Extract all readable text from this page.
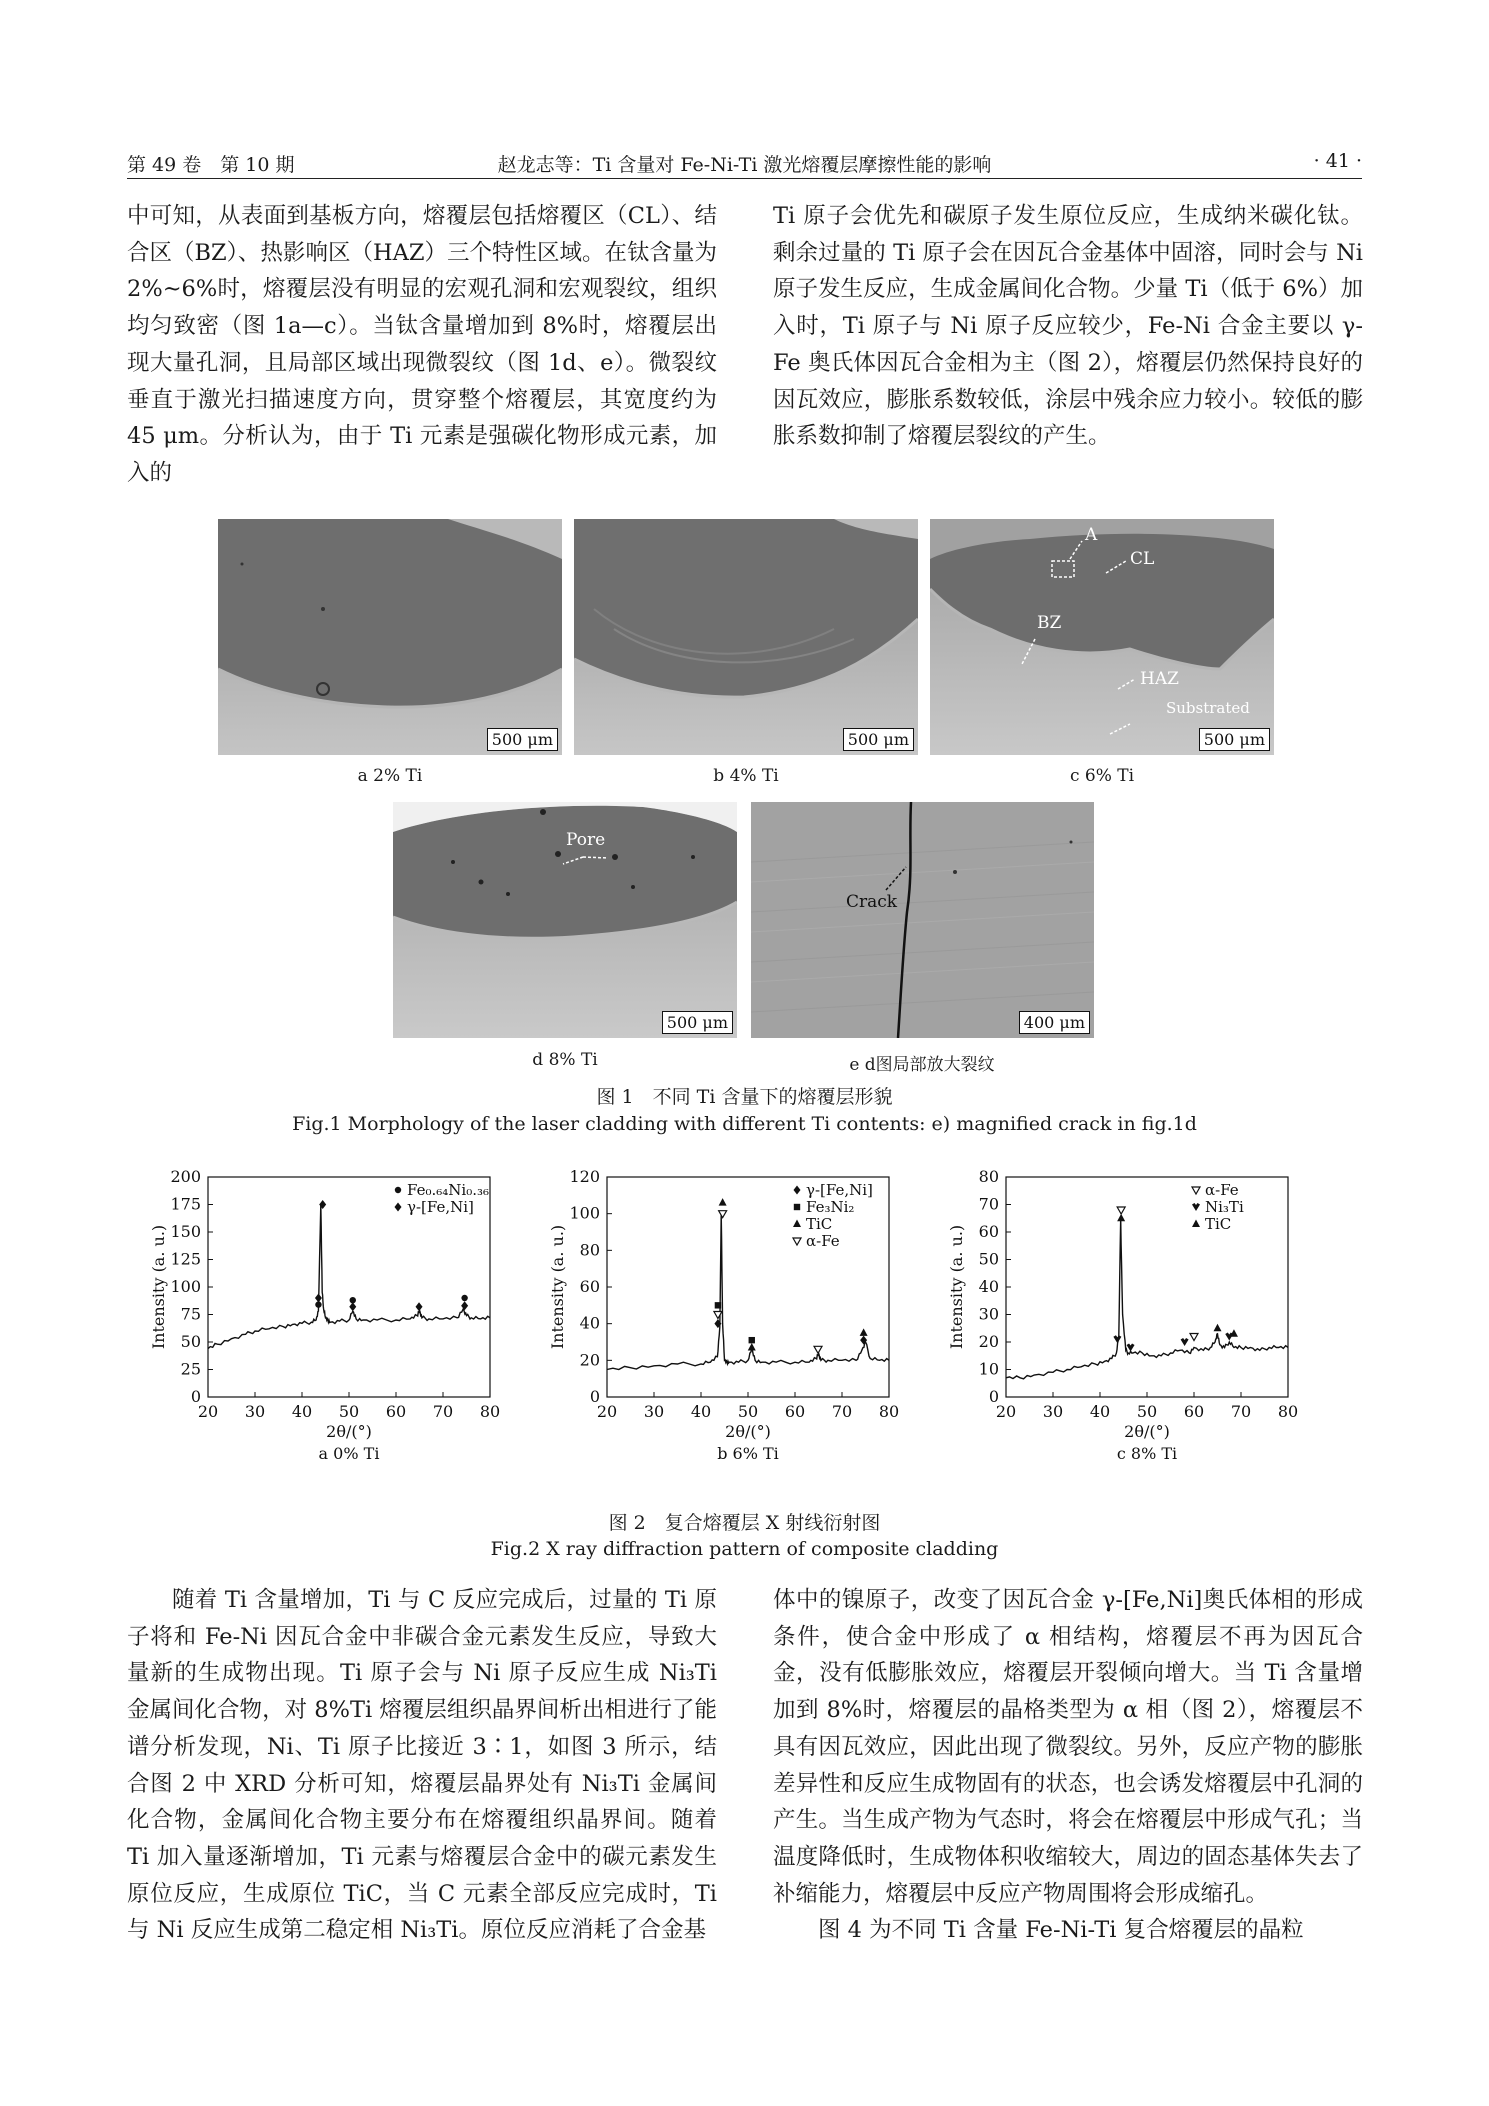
第 49 卷　第 10 期	赵龙志等：Ti 含量对 Fe-Ni-Ti 激光熔覆层摩擦性能的影响	· 41 ·

中可知，从表面到基板方向，熔覆层包括熔覆区（CL）、结合区（BZ）、热影响区（HAZ）三个特性区域。在钛含量为 2%~6%时，熔覆层没有明显的宏观孔洞和宏观裂纹，组织均匀致密（图 1a—c）。当钛含量增加到 8%时，熔覆层出现大量孔洞，且局部区域出现微裂纹（图 1d、e）。微裂纹垂直于激光扫描速度方向，贯穿整个熔覆层，其宽度约为 45 μm。分析认为，由于 Ti 元素是强碳化物形成元素，加入的

Ti 原子会优先和碳原子发生原位反应，生成纳米碳化钛。剩余过量的 Ti 原子会在因瓦合金基体中固溶，同时会与 Ni 原子发生反应，生成金属间化合物。少量 Ti（低于 6%）加入时，Ti 原子与 Ni 原子反应较少，Fe-Ni 合金主要以 γ-Fe 奥氏体因瓦合金相为主（图 2），熔覆层仍然保持良好的因瓦效应，膨胀系数较低，涂层中残余应力较小。较低的膨胀系数抑制了熔覆层裂纹的产生。

500 μm
a 2% Ti
500 μm
b 4% Ti
A
CL
BZ
HAZ
Substrated
500 μm
c 6% Ti
Pore
500 μm
d 8% Ti
Crack
400 μm
e d图局部放大裂纹
图 1　不同 Ti 含量下的熔覆层形貌
Fig.1 Morphology of the laser cladding with different Ti contents: e) magnified crack in fig.1d
20 30 40 50 60 70 80
0
25
50
75
100
125
150
175
200
2θ/(°)
Intensity (a. u.)
a 0% Ti
Fe₀.₆₄Ni₀.₃₆
γ-[Fe,Ni]
20 30 40 50 60 70 80
0
20
40
60
80
100
120
2θ/(°)
Intensity (a. u.)
b 6% Ti
γ-[Fe,Ni]
Fe₃Ni₂
TiC
α-Fe
20 30 40 50 60 70 80
0
10
20
30
40
50
60
70
80
2θ/(°)
Intensity (a. u.)
c 8% Ti
α-Fe
Ni₃Ti
TiC
图 2　复合熔覆层 X 射线衍射图
Fig.2 X ray diffraction pattern of composite cladding

随着 Ti 含量增加，Ti 与 C 反应完成后，过量的 Ti 原子将和 Fe-Ni 因瓦合金中非碳合金元素发生反应，导致大量新的生成物出现。Ti 原子会与 Ni 原子反应生成 Ni₃Ti 金属间化合物，对 8%Ti 熔覆层组织晶界间析出相进行了能谱分析发现，Ni、Ti 原子比接近 3∶1，如图 3 所示，结合图 2 中 XRD 分析可知，熔覆层晶界处有 Ni₃Ti 金属间化合物，金属间化合物主要分布在熔覆组织晶界间。随着 Ti 加入量逐渐增加，Ti 元素与熔覆层合金中的碳元素发生原位反应，生成原位 TiC，当 C 元素全部反应完成时，Ti 与 Ni 反应生成第二稳定相 Ni₃Ti。原位反应消耗了合金基

体中的镍原子，改变了因瓦合金 γ-[Fe,Ni]奥氏体相的形成条件，使合金中形成了 α 相结构，熔覆层不再为因瓦合金，没有低膨胀效应，熔覆层开裂倾向增大。当 Ti 含量增加到 8%时，熔覆层的晶格类型为 α 相（图 2），熔覆层不具有因瓦效应，因此出现了微裂纹。另外，反应产物的膨胀差异性和反应生成物固有的状态，也会诱发熔覆层中孔洞的产生。当生成产物为气态时，将会在熔覆层中形成气孔；当温度降低时，生成物体积收缩较大，周边的固态基体失去了补缩能力，熔覆层中反应产物周围将会形成缩孔。

图 4 为不同 Ti 含量 Fe-Ni-Ti 复合熔覆层的晶粒
